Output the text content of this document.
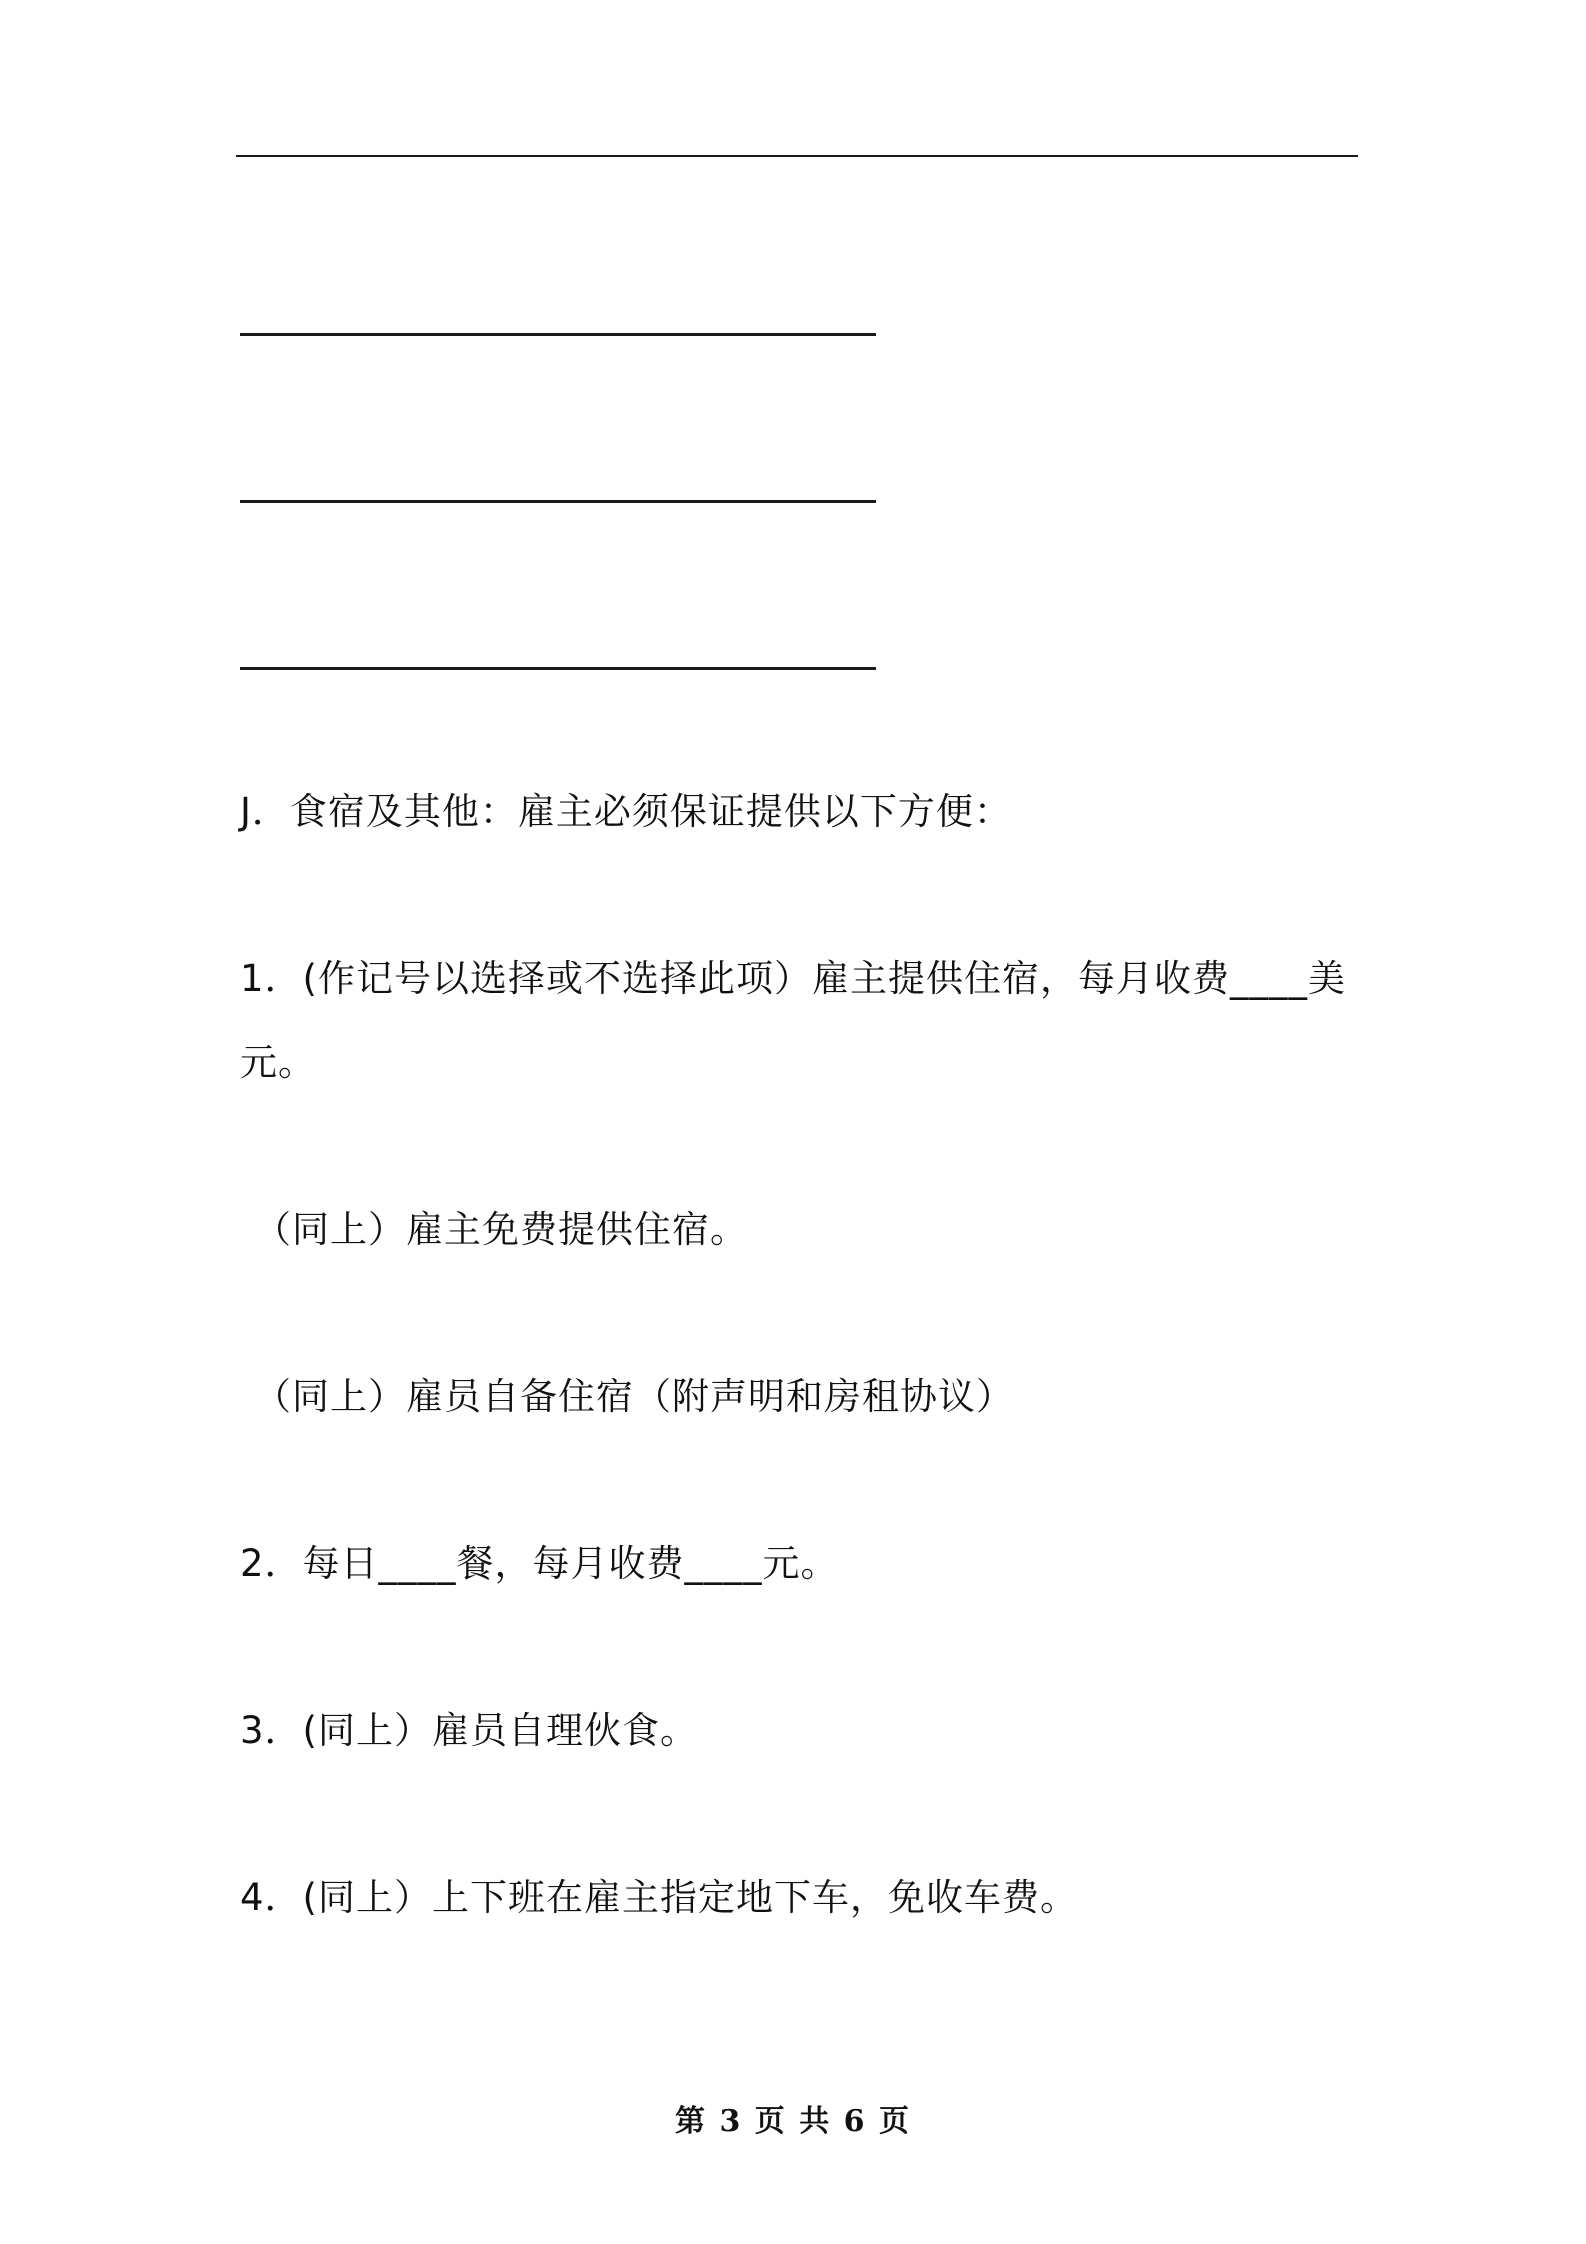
J．食宿及其他：雇主必须保证提供以下方便：

1．(作记号以选择或不选择此项）雇主提供住宿，每月收费____美元。

（同上）雇主免费提供住宿。

（同上）雇员自备住宿（附声明和房租协议）

2．每日____餐，每月收费____元。

3．(同上）雇员自理伙食。

4．(同上）上下班在雇主指定地下车，免收车费。

第 3 页 共 6 页
